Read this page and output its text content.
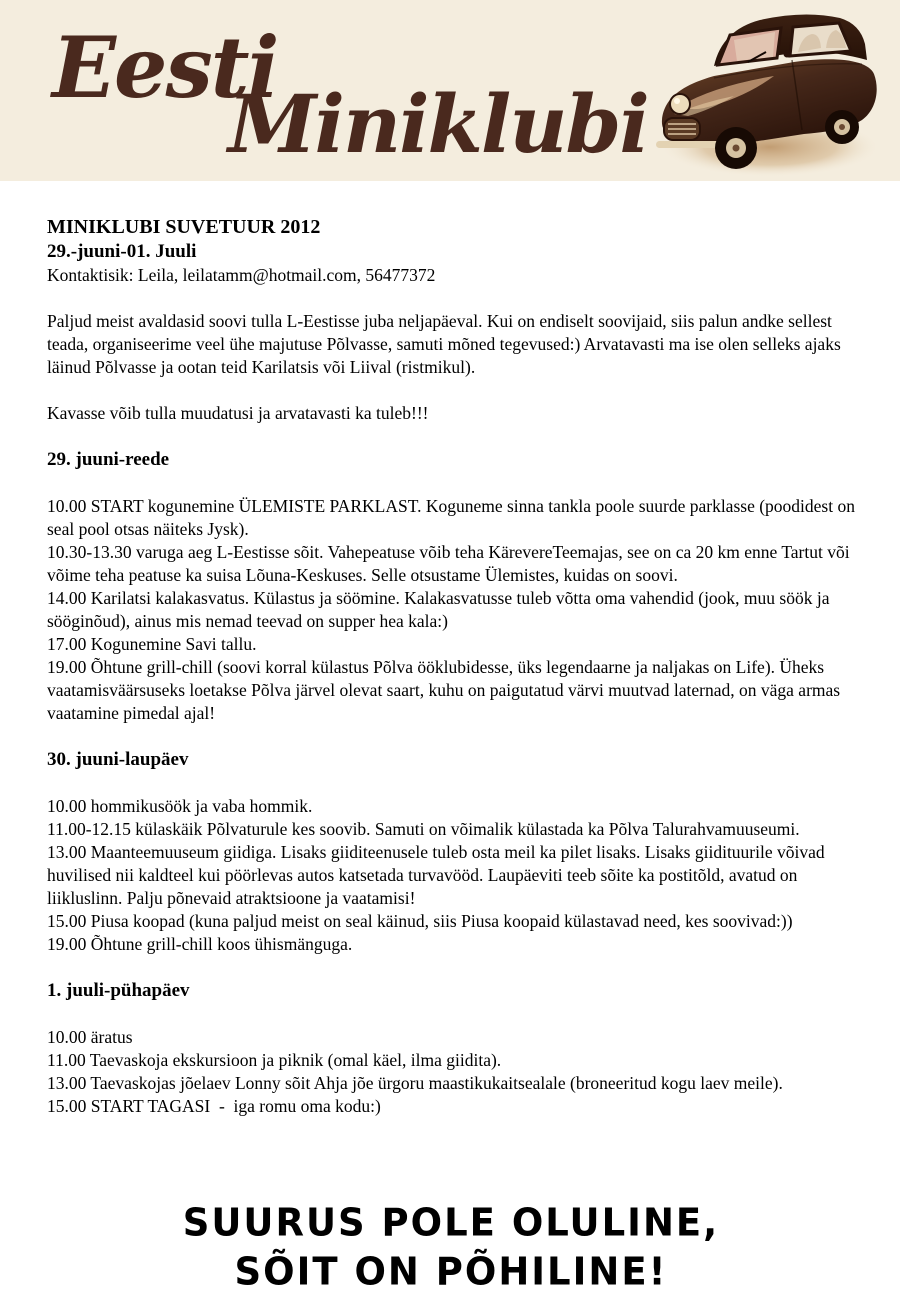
Eesti
Miniklubi
MINIKLUBI SUVETUUR 2012
29.-juuni-01. Juuli
Kontaktisik: Leila, leilatamm@hotmail.com, 56477372

Paljud meist avaldasid soovi tulla L-Eestisse juba neljapäeval. Kui on endiselt soovijaid, siis palun andke sellest teada, organiseerime veel ühe majutuse Põlvasse, samuti mõned tegevused:) Arvatavasti ma ise olen selleks ajaks läinud Põlvasse ja ootan teid Karilatsis või Liival (ristmikul).

Kavasse võib tulla muudatusi ja arvatavasti ka tuleb!!!

29. juuni-reede

10.00 START kogunemine ÜLEMISTE PARKLAST. Koguneme sinna tankla poole suurde parklasse (poodidest on seal pool otsas näiteks Jysk).

10.30-13.30 varuga aeg L-Eestisse sõit. Vahepeatuse võib teha KärevereTeemajas, see on ca 20 km enne Tartut või võime teha peatuse ka suisa Lõuna-Keskuses. Selle otsustame Ülemistes, kuidas on soovi.

14.00 Karilatsi kalakasvatus. Külastus ja söömine. Kalakasvatusse tuleb võtta oma vahendid (jook, muu söök ja sööginõud), ainus mis nemad teevad on supper hea kala:)

17.00 Kogunemine Savi tallu.

19.00 Õhtune grill-chill (soovi korral külastus Põlva ööklubidesse, üks legendaarne ja naljakas on Life). Üheks vaatamisväärsuseks loetakse Põlva järvel olevat saart, kuhu on paigutatud värvi muutvad laternad, on väga armas vaatamine pimedal ajal!

30. juuni-laupäev

10.00 hommikusöök ja vaba hommik.

11.00-12.15 külaskäik Põlvaturule kes soovib. Samuti on võimalik külastada ka Põlva Talurahvamuuseumi.

13.00 Maanteemuuseum giidiga. Lisaks giiditeenusele tuleb osta meil ka pilet lisaks. Lisaks giidituurile võivad huvilised nii kaldteel kui pöörlevas autos katsetada turvavööd. Laupäeviti teeb sõite ka postitõld, avatud on liikluslinn. Palju põnevaid atraktsioone ja vaatamisi!

15.00 Piusa koopad (kuna paljud meist on seal käinud, siis Piusa koopaid külastavad need, kes soovivad:))

19.00 Õhtune grill-chill koos ühismänguga.

1. juuli-pühapäev

10.00 äratus

11.00 Taevaskoja ekskursioon ja piknik (omal käel, ilma giidita).

13.00 Taevaskojas jõelaev Lonny sõit Ahja jõe ürgoru maastikukaitsealale (broneeritud kogu laev meile).

15.00 START TAGASI  -  iga romu oma kodu:)

SUURUS POLE OLULINE,
SÕIT ON PÕHILINE!
